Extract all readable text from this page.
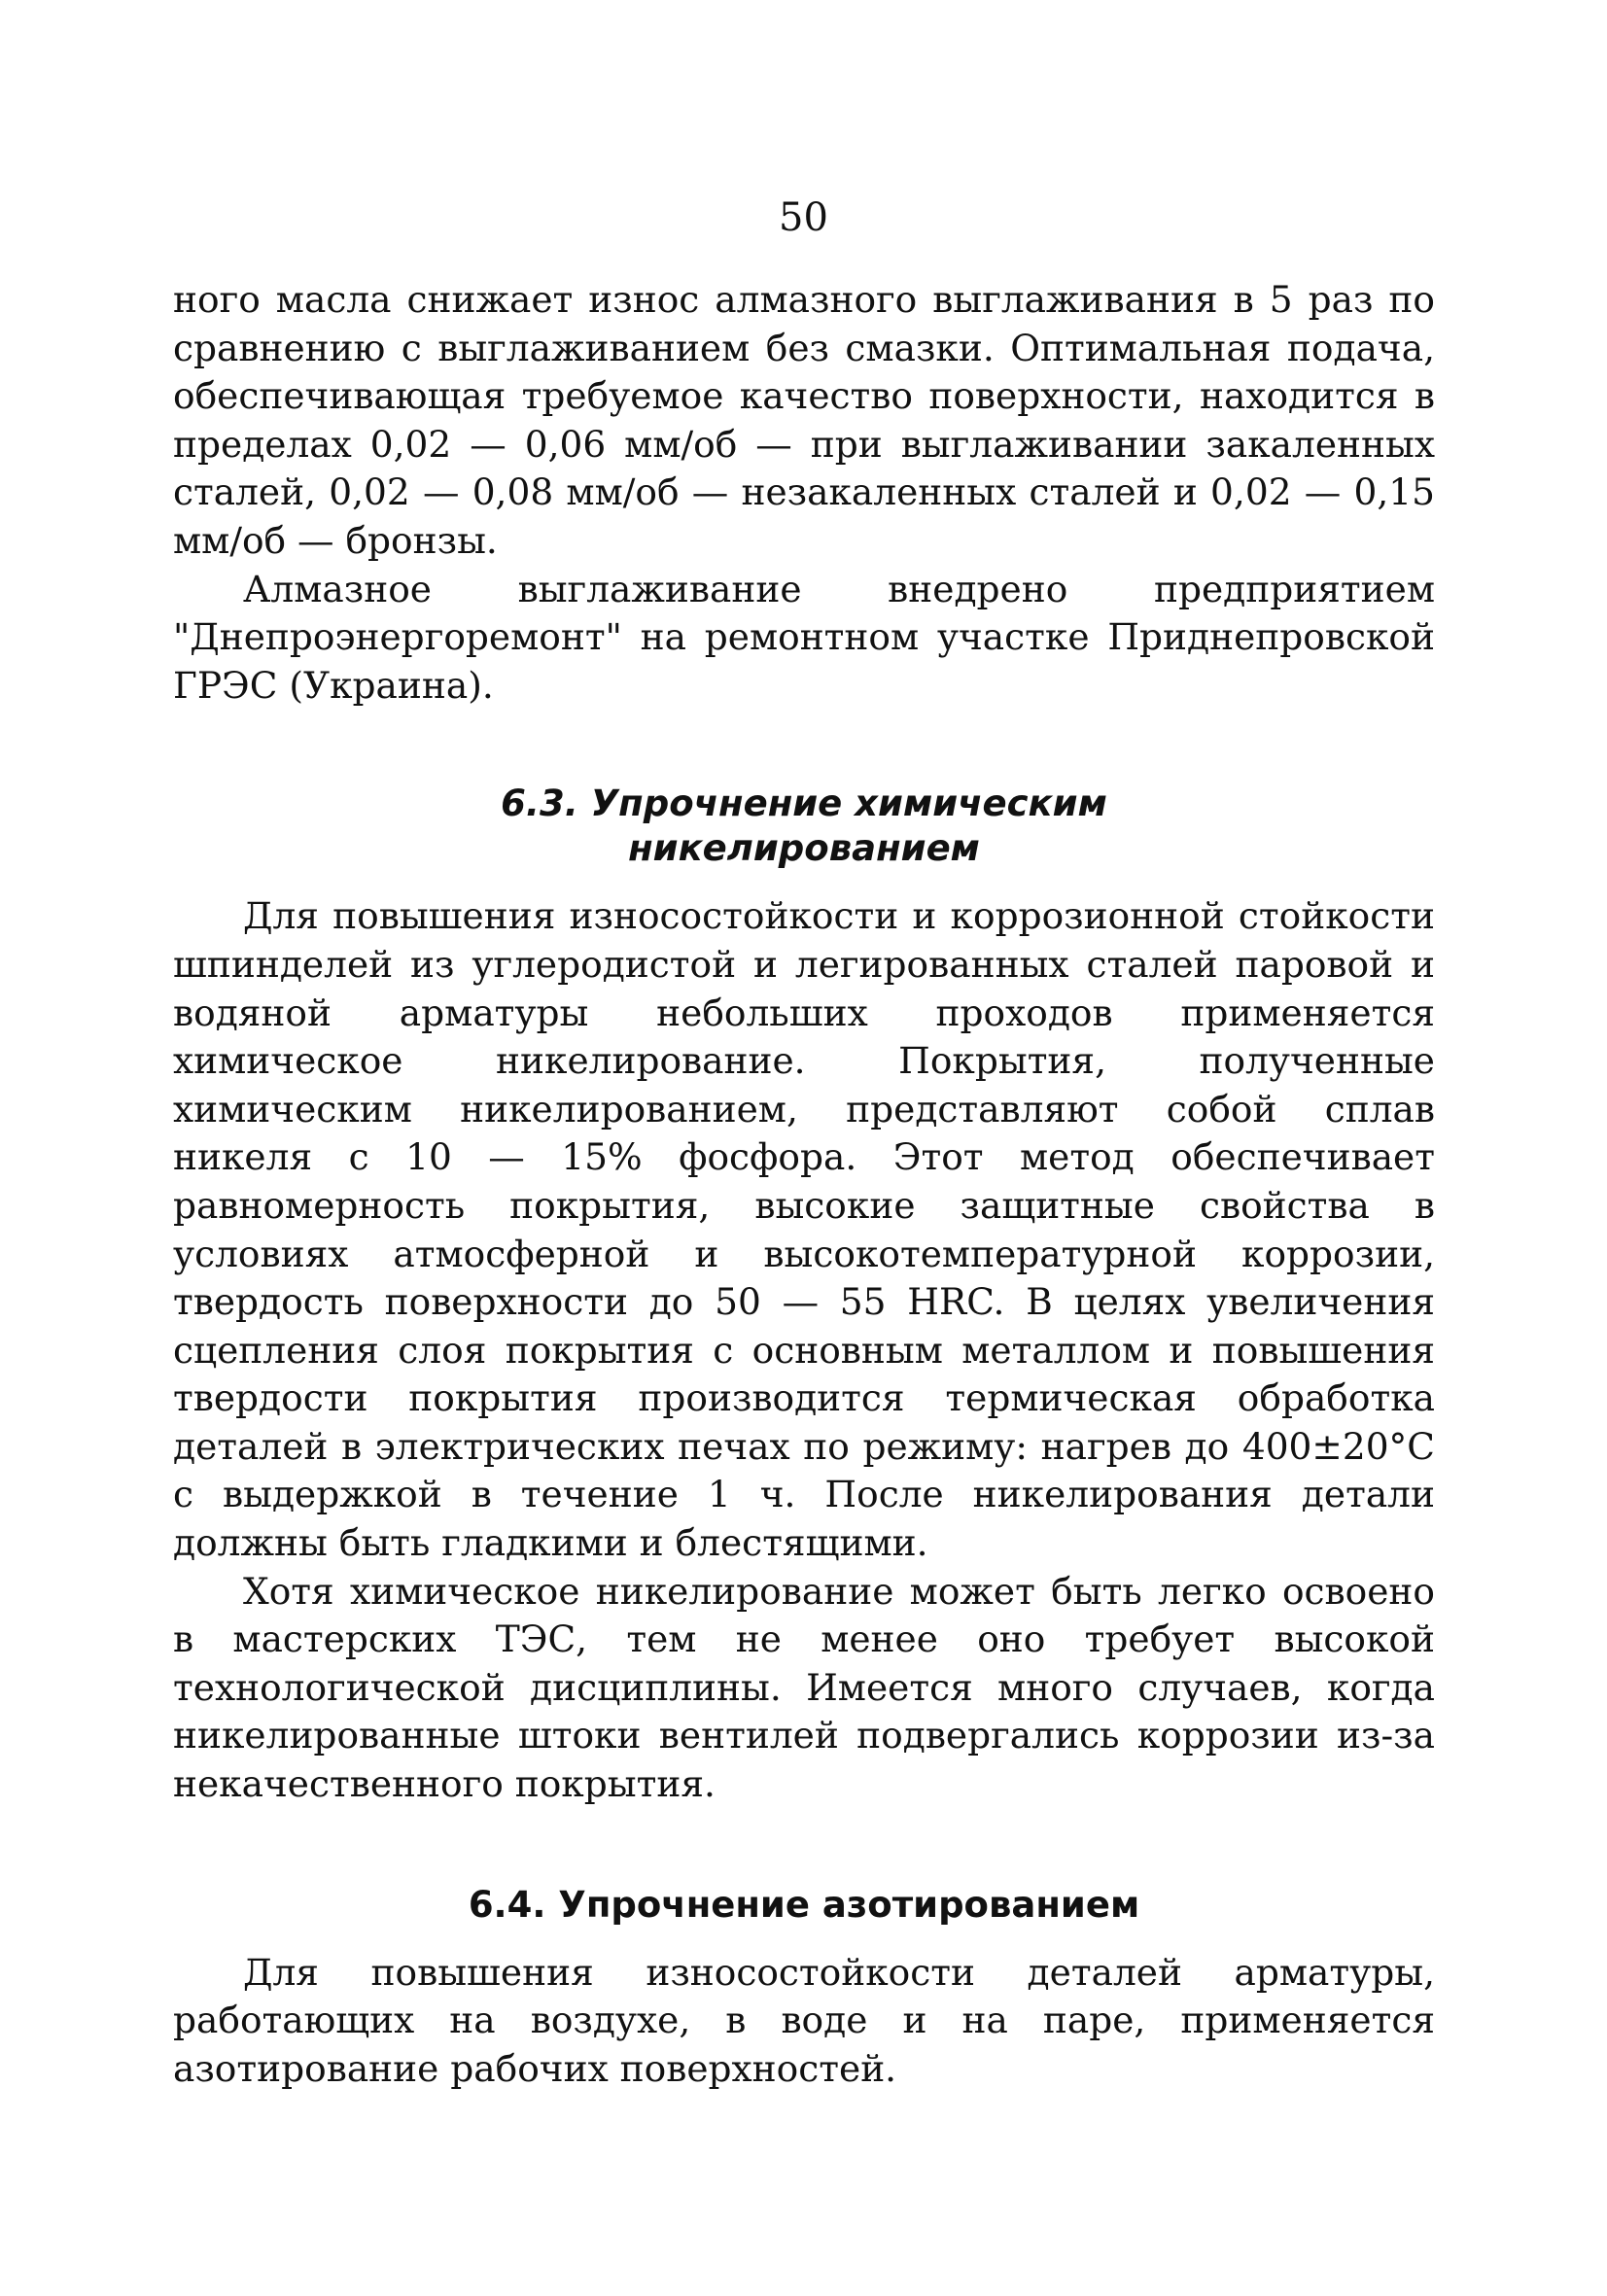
50

ного масла снижает износ алмазного выглаживания в 5 раз по сравнению с выглаживанием без смазки. Оптимальная подача, обеспечивающая требуемое качество поверхности, находится в пределах 0,02 — 0,06 мм/об — при выглаживании закаленных сталей, 0,02 — 0,08 мм/об — незакаленных сталей и 0,02 — 0,15 мм/об — бронзы.

Алмазное выглаживание внедрено предприятием "Днепроэнергоремонт" на ремонтном участке Приднепровской ГРЭС (Украина).

6.3. Упрочнение химическим

никелированием

Для повышения износостойкости и коррозионной стойкости шпинделей из углеродистой и легированных сталей паровой и водяной арматуры небольших проходов применяется химическое никелирование. Покрытия, полученные химическим никелированием, представляют собой сплав никеля с 10 — 15% фосфора. Этот метод обеспечивает равномерность покрытия, высокие защитные свойства в условиях атмосферной и высокотемпературной коррозии, твердость поверхности до 50 — 55 HRC. В целях увеличения сцепления слоя покрытия с основным металлом и повышения твердости покрытия производится термическая обработка деталей в электрических печах по режиму: нагрев до 400±20°С с выдержкой в течение 1 ч. После никелирования детали должны быть гладкими и блестящими.

Хотя химическое никелирование может быть легко освоено в мастерских ТЭС, тем не менее оно требует высокой технологической дисциплины. Имеется много случаев, когда никелированные штоки вентилей подвергались коррозии из-за некачественного покрытия.

6.4. Упрочнение азотированием

Для повышения износостойкости деталей арматуры, работающих на воздухе, в воде и на паре, применяется азотирование рабочих поверхностей.
